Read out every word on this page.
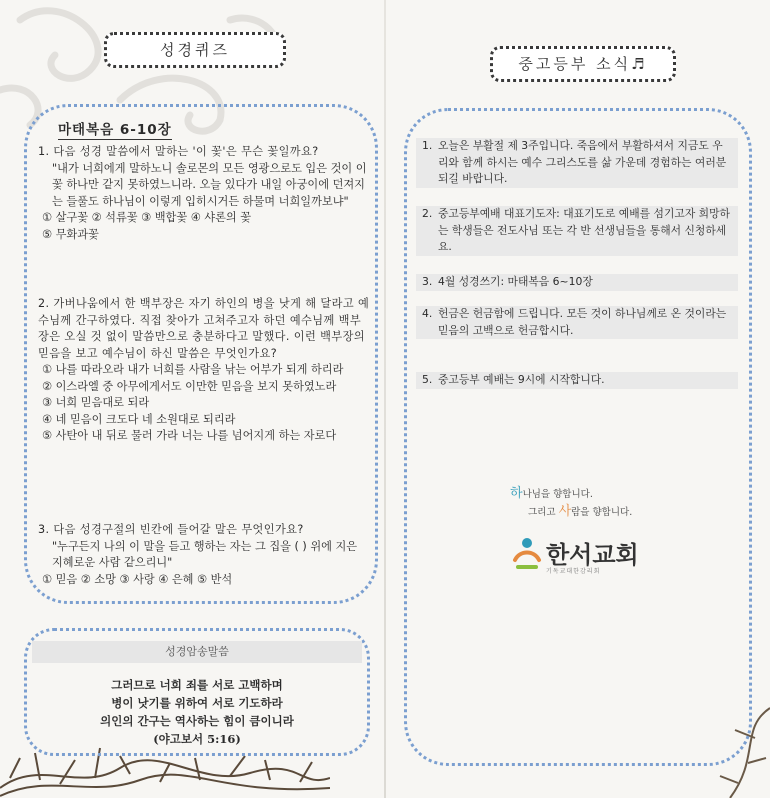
성경퀴즈
마태복음 6-10장
1. 다음 성경 말씀에서 말하는 '이 꽃'은 무슨 꽃일까요?
"내가 너희에게 말하노니 솔로몬의 모든 영광으로도 입은 것이 이 꽃 하나만 같지 못하였느니라. 오늘 있다가 내일 아궁이에 던져지는 들풀도 하나님이 이렇게 입히시거든 하물며 너희일까보냐"
① 살구꽃 ② 석류꽃 ③ 백합꽃 ④ 샤론의 꽃
⑤ 무화과꽃
2. 가버나움에서 한 백부장은 자기 하인의 병을 낫게 해 달라고 예수님께 간구하였다. 직접 찾아가 고쳐주고자 하던 예수님께 백부장은 오실 것 없이 말씀만으로 충분하다고 말했다. 이런 백부장의 믿음을 보고 예수님이 하신 말씀은 무엇인가요?
① 나를 따라오라 내가 너희를 사람을 낚는 어부가 되게 하리라
② 이스라엘 중 아무에게서도 이만한 믿음을 보지 못하였노라
③ 너희 믿음대로 되라
④ 네 믿음이 크도다 네 소원대로 되리라
⑤ 사탄아 내 뒤로 물러 가라 너는 나를 넘어지게 하는 자로다
3. 다음 성경구절의 빈칸에 들어갈 말은 무엇인가요?
"누구든지 나의 이 말을 듣고 행하는 자는 그 집을 ( ) 위에 지은 지혜로운 사람 같으리니"
① 믿음 ② 소망 ③ 사랑 ④ 은혜 ⑤ 반석
성경암송말씀
그러므로 너희 죄를 서로 고백하며
병이 낫기를 위하여 서로 기도하라
의인의 간구는 역사하는 힘이 큼이니라
(야고보서 5:16)
중고등부 소식♬
1. 오늘은 부활절 제 3주입니다. 죽음에서 부활하셔서 지금도 우리와 함께 하시는 예수 그리스도를 삶 가운데 경험하는 여러분 되길 바랍니다.
2. 중고등부예배 대표기도자: 대표기도로 예배를 섬기고자 희망하는 학생들은 전도사님 또는 각 반 선생님들을 통해서 신청하세요.
3. 4월 성경쓰기: 마태복음 6~10장
4. 헌금은 헌금함에 드립니다. 모든 것이 하나님께로 온 것이라는 믿음의 고백으로 헌금합시다.
5. 중고등부 예배는 9시에 시작합니다.
하나님을 향합니다.
그리고 사람을 향합니다.
한서교회
기독교대한감리회
